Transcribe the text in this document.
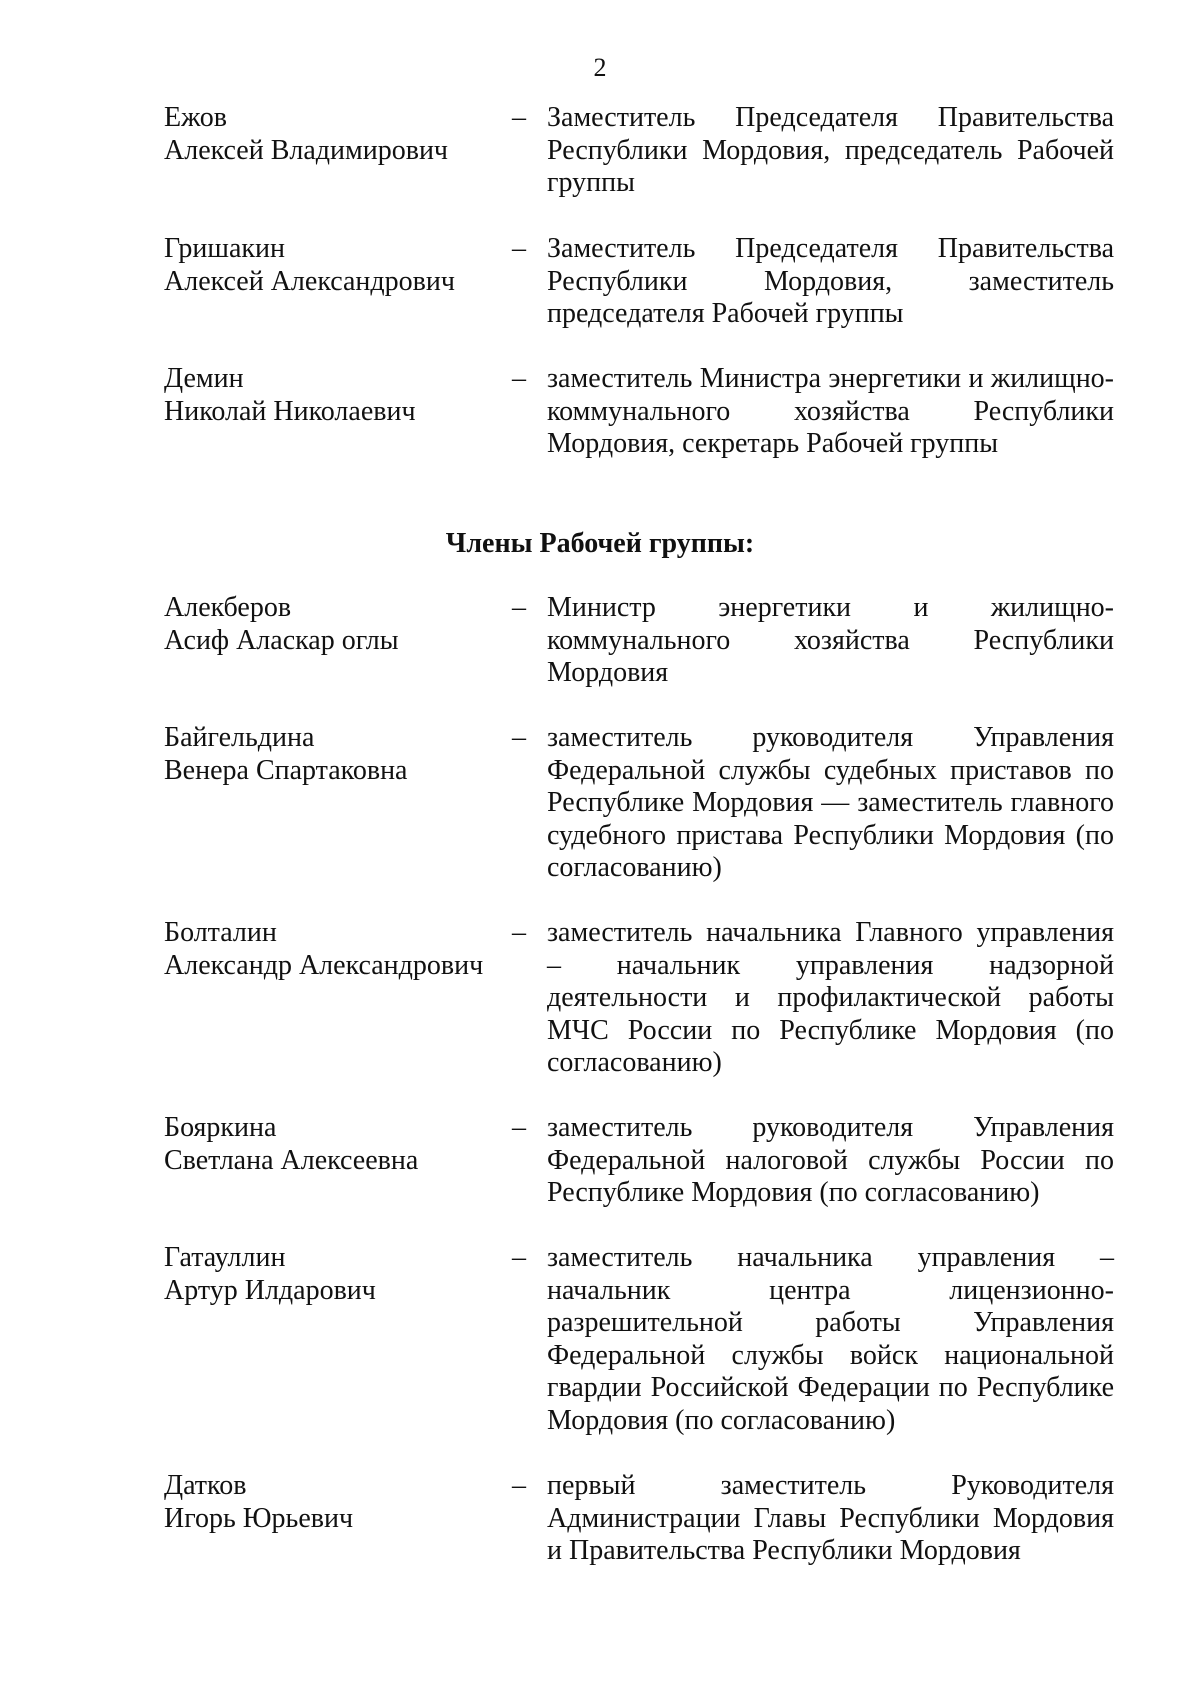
2
Ежов
Алексей Владимирович
– Заместитель Председателя Правительства Республики Мордовия, председатель Рабочей группы
Гришакин
Алексей Александрович
– Заместитель Председателя Правительства Республики Мордовия, заместитель председателя Рабочей группы
Демин
Николай Николаевич
– заместитель Министра энергетики и жилищно-коммунального хозяйства Республики Мордовия, секретарь Рабочей группы
Члены Рабочей группы:
Алекберов
Асиф Аласкар оглы
– Министр энергетики и жилищно-коммунального хозяйства Республики Мордовия
Байгельдина
Венера Спартаковна
– заместитель руководителя Управления Федеральной службы судебных приставов по Республике Мордовия — заместитель главного судебного пристава Республики Мордовия (по согласованию)
Болталин
Александр Александрович
– заместитель начальника Главного управления – начальник управления надзорной деятельности и профилактической работы МЧС России по Республике Мордовия (по согласованию)
Бояркина
Светлана Алексеевна
– заместитель руководителя Управления Федеральной налоговой службы России по Республике Мордовия (по согласованию)
Гатауллин
Артур Илдарович
– заместитель начальника управления – начальник центра лицензионно-разрешительной работы Управления Федеральной службы войск национальной гвардии Российской Федерации по Республике Мордовия (по согласованию)
Датков
Игорь Юрьевич
– первый заместитель Руководителя Администрации Главы Республики Мордовия и Правительства Республики Мордовия
